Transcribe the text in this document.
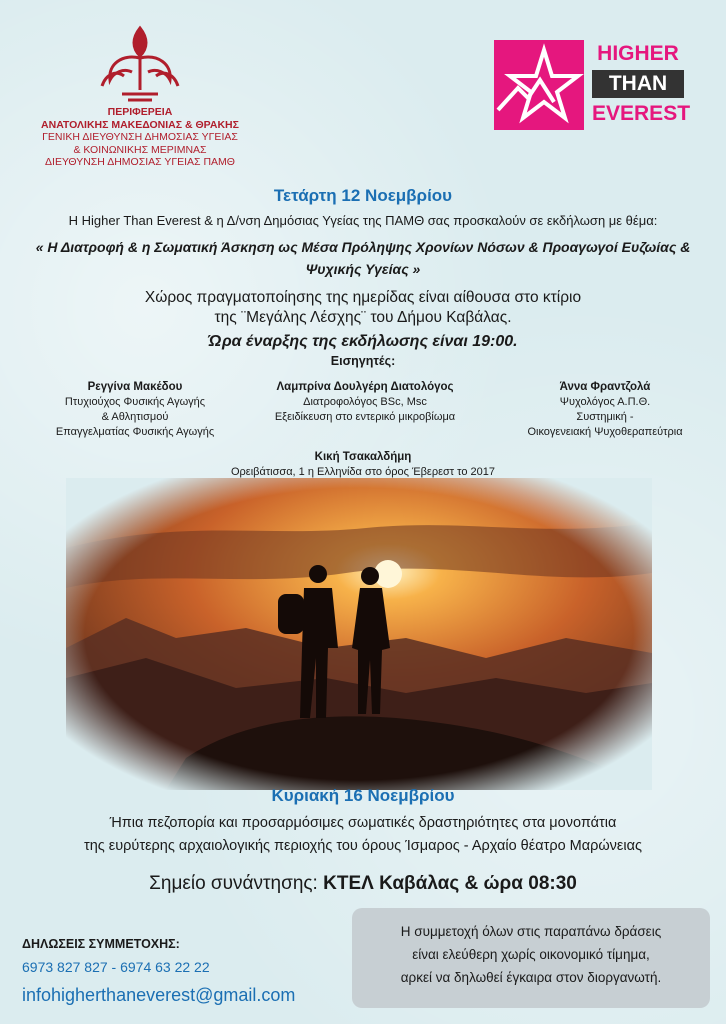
ΠΕΡΙΦΕΡΕΙΑ
ΑΝΑΤΟΛΙΚΗΣ ΜΑΚΕΔΟΝΙΑΣ & ΘΡΑΚΗΣ
ΓΕΝΙΚΗ ΔΙΕΥΘΥΝΣΗ ΔΗΜΟΣΙΑΣ ΥΓΕΙΑΣ
& ΚΟΙΝΩΝΙΚΗΣ ΜΕΡΙΜΝΑΣ
ΔΙΕΥΘΥΝΣΗ ΔΗΜΟΣΙΑΣ ΥΓΕΙΑΣ ΠΑΜΘ
HIGHER
THAN
EVEREST
Τετάρτη 12 Νοεμβρίου
Η Higher Than Everest & η Δ/νση Δημόσιας Υγείας της ΠΑΜΘ σας προσκαλούν σε εκδήλωση με θέμα:
« Η Διατροφή & η Σωματική Άσκηση ως Μέσα Πρόληψης Χρονίων Νόσων & Προαγωγοί Ευζωίας & Ψυχικής Υγείας »
Χώρος πραγματοποίησης της ημερίδας είναι αίθουσα στο κτίριο
της ¨Μεγάλης Λέσχης¨ του Δήμου Καβάλας.
Ώρα έναρξης της εκδήλωσης είναι 19:00.
Εισηγητές:
Ρεγγίνα Μακέδου
Πτυχιούχος Φυσικής Αγωγής
& Αθλητισμού
Επαγγελματίας Φυσικής Αγωγής
Λαμπρίνα Δουλγέρη Διατολόγος
Διατροφολόγος BSc, Msc
Εξειδίκευση στο εντερικό μικροβίωμα
Άννα Φραντζολά
Ψυχολόγος Α.Π.Θ.
Συστημική -
Οικογενειακή Ψυχοθεραπεύτρια
Κική Τσακαλδήμη
Ορειβάτισσα, 1 η Ελληνίδα στο όρος Έβερεστ το 2017
Κυριακή 16 Νοεμβρίου
Ήπια πεζοπορία και προσαρμόσιμες σωματικές δραστηριότητες στα μονοπάτια
της ευρύτερης αρχαιολογικής περιοχής του όρους Ίσμαρος - Αρχαίο θέατρο Μαρώνειας
Σημείο συνάντησης: ΚΤΕΛ Καβάλας & ώρα 08:30
ΔΗΛΩΣΕΙΣ ΣΥΜΜΕΤΟΧΗΣ:
6973 827 827 - 6974 63 22 22
infohigherthaneverest@gmail.com
Η συμμετοχή όλων στις παραπάνω δράσεις
είναι ελεύθερη χωρίς οικονομικό τίμημα,
αρκεί να δηλωθεί έγκαιρα στον διοργανωτή.
